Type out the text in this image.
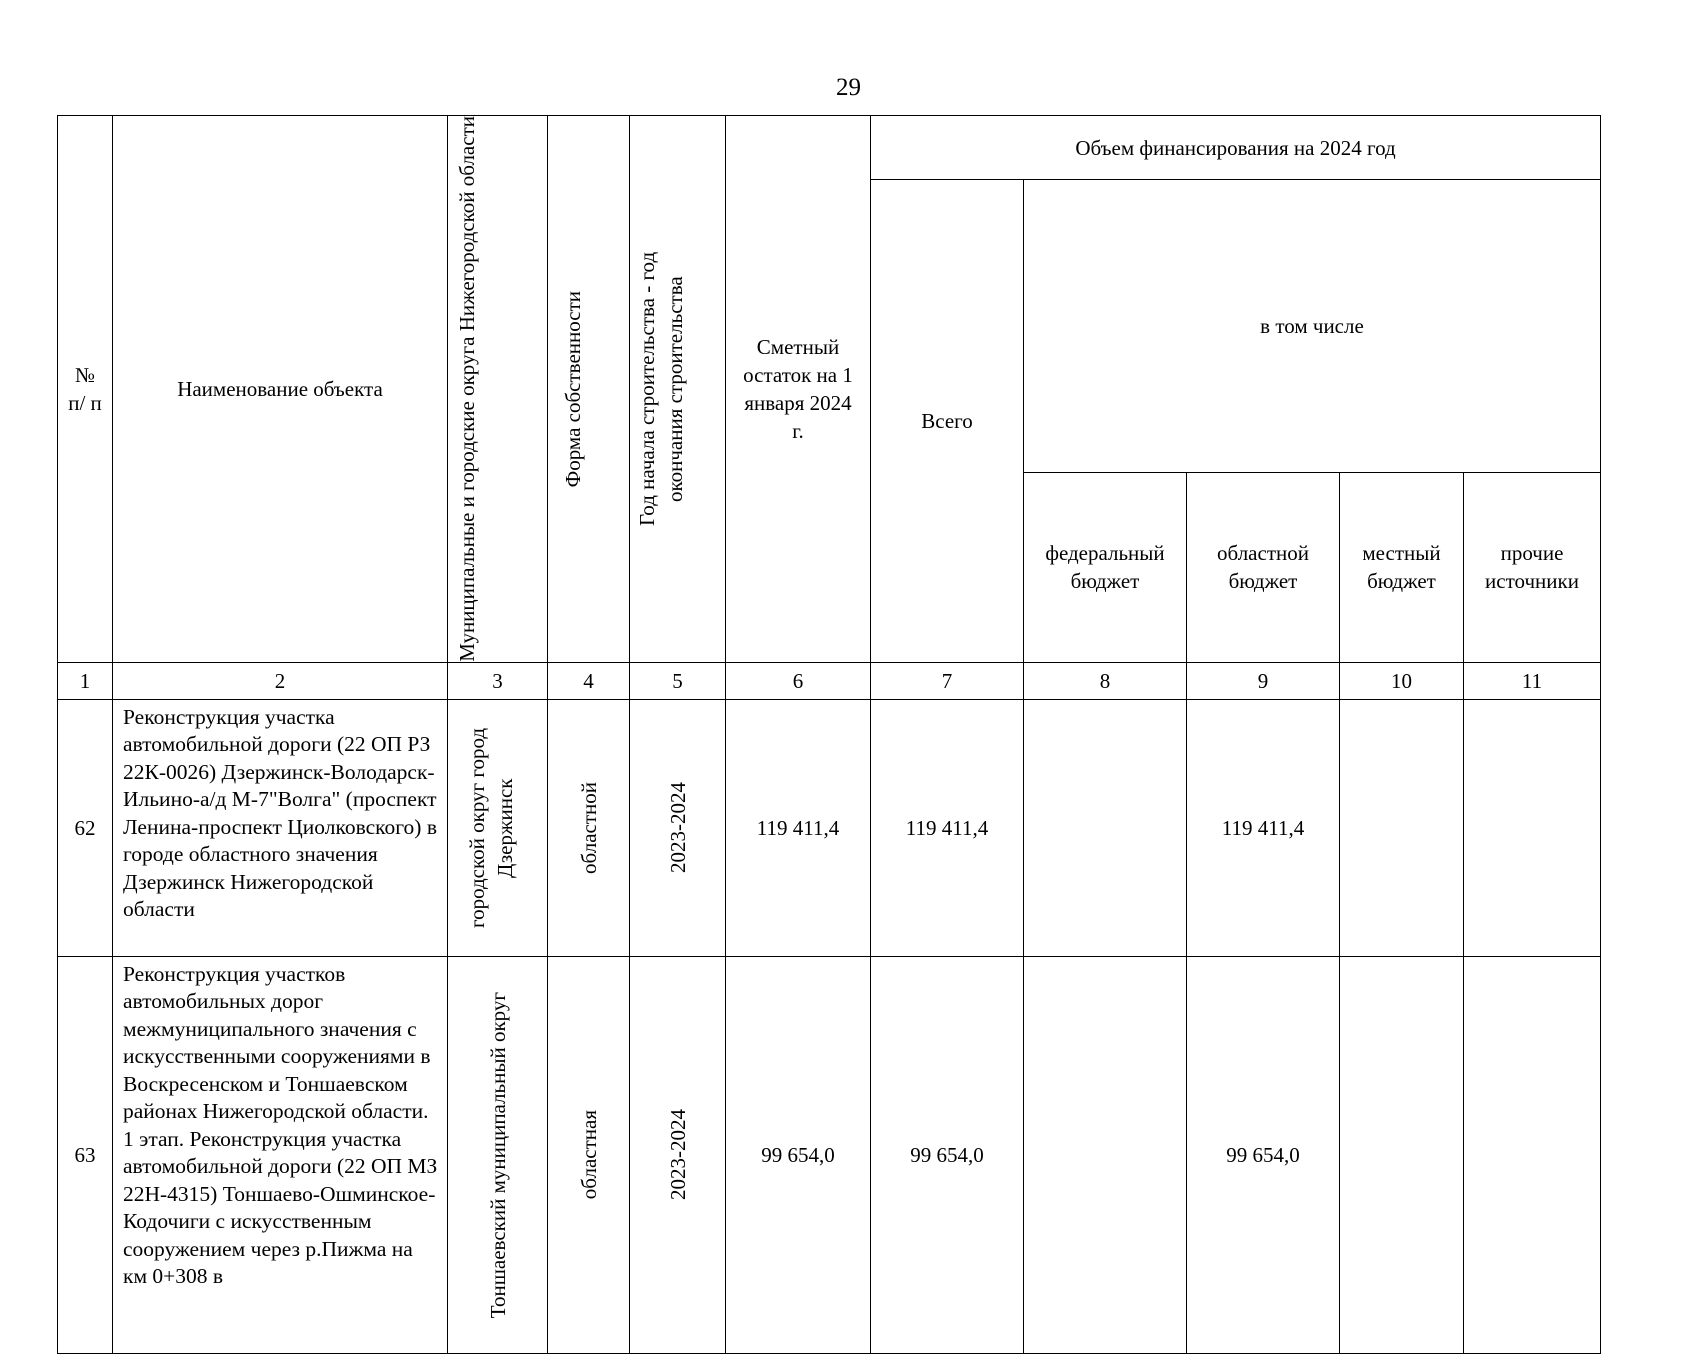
29
№ п/ п	Наименование объекта	Муниципальные и городские округа Нижегородской области	Форма собственности	Год начала строительства - год окончания строительства	Сметный остаток на 1 января 2024 г.	Объем финансирования на 2024 год				
						Всего	в том числе			

							федеральный бюджет	областной бюджет	местный бюджет	прочие источники

1	2	3	4	5	6	7	8	9	10	11
62	Реконструкция участка автомобильной дороги (22 ОП РЗ 22К-0026) Дзержинск-Володарск-Ильино-а/д М-7"Волга" (проспект Ленина-проспект Циолковского) в городе областного значения Дзержинск Нижегородской области	городской округ город Дзержинск	областной	2023-2024	119 411,4	119 411,4		119 411,4		
63	Реконструкция участков автомобильных дорог межмуниципального значения с искусственными сооружениями в Воскресенском и Тоншаевском районах Нижегородской области. 1 этап. Реконструкция участка автомобильной дороги (22 ОП МЗ 22Н-4315) Тоншаево-Ошминское-Кодочиги с искусственным сооружением через р.Пижма на км 0+308 в	Тоншаевский муниципальный округ	областная	2023-2024	99 654,0	99 654,0		99 654,0		
